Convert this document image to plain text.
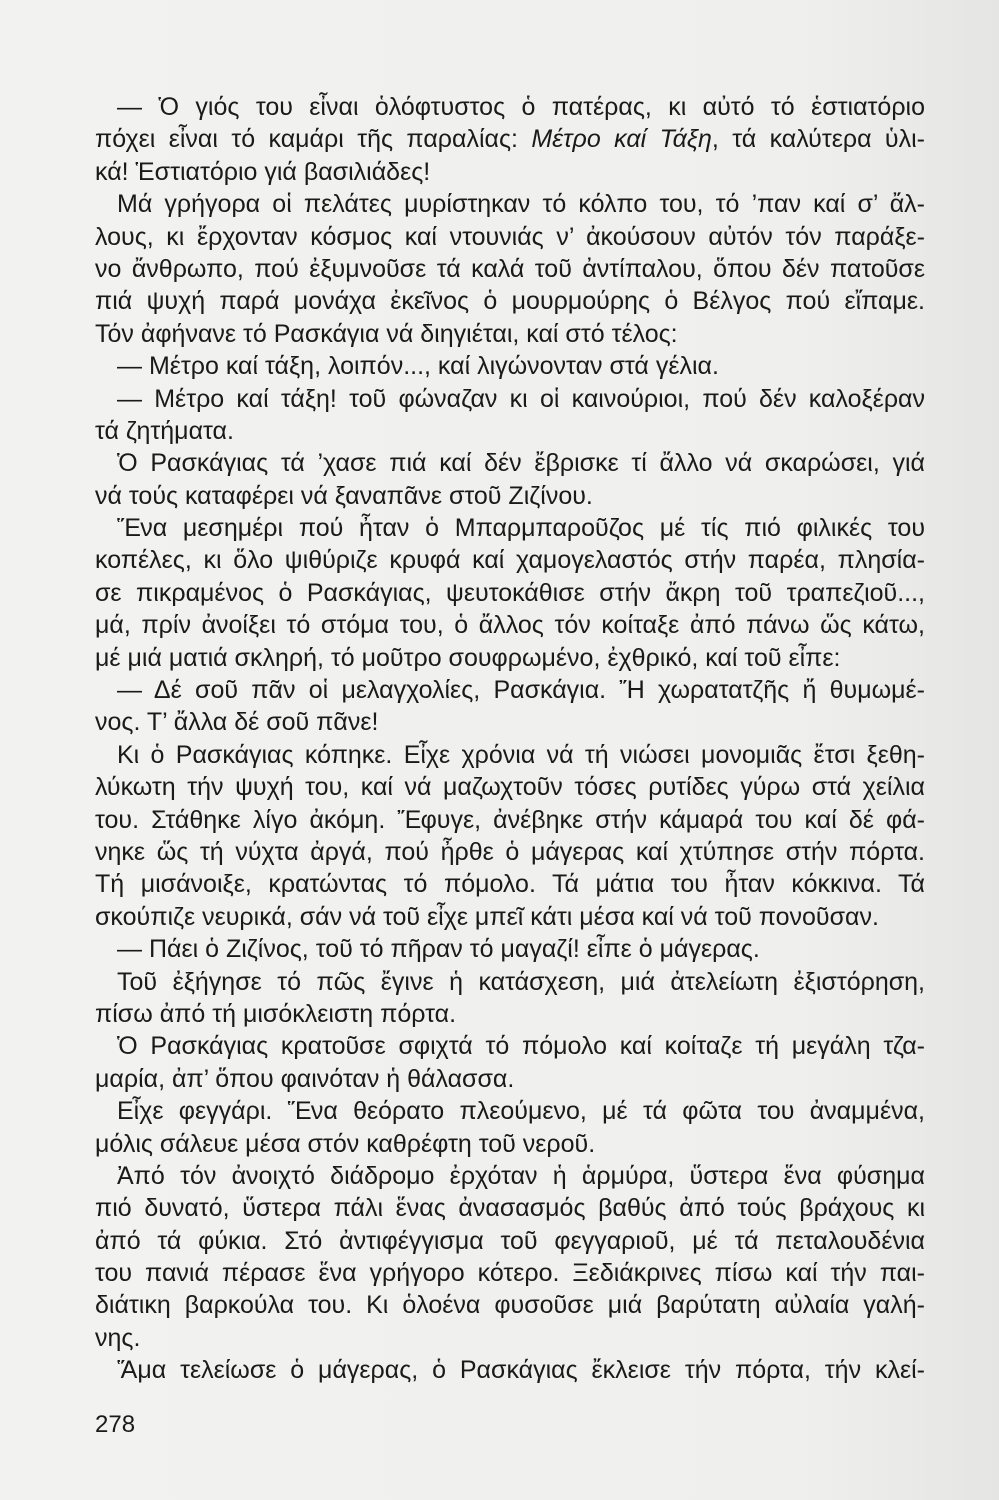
— Ὁ γιός του εἶναι ὁλόφτυστος ὁ πατέρας, κι αὐτό τό ἑστιατόριο
πόχει εἶναι τό καμάρι τῆς παραλίας: Μέτρο καί Τάξη, τά καλύτερα ὑλι-
κά! Ἑστιατόριο γιά βασιλιάδες!
Μά γρήγορα οἱ πελάτες μυρίστηκαν τό κόλπο του, τό ’παν καί σ’ ἄλ-
λους, κι ἔρχονταν κόσμος καί ντουνιάς ν’ ἀκούσουν αὐτόν τόν παράξε-
νο ἄνθρωπο, πού ἐξυμνοῦσε τά καλά τοῦ ἀντίπαλου, ὅπου δέν πατοῦσε
πιά ψυχή παρά μονάχα ἐκεῖνος ὁ μουρμούρης ὁ Βέλγος πού εἴπαμε.
Τόν ἀφήνανε τό Ρασκάγια νά διηγιέται, καί στό τέλος:
— Μέτρο καί τάξη, λοιπόν..., καί λιγώνονταν στά γέλια.
— Μέτρο καί τάξη! τοῦ φώναζαν κι οἱ καινούριοι, πού δέν καλοξέραν
τά ζητήματα.
Ὁ Ρασκάγιας τά ’χασε πιά καί δέν ἔβρισκε τί ἄλλο νά σκαρώσει, γιά
νά τούς καταφέρει νά ξαναπᾶνε στοῦ Ζιζίνου.
Ἕνα μεσημέρι πού ἦταν ὁ Μπαρμπαροῦζος μέ τίς πιό φιλικές του
κοπέλες, κι ὅλο ψιθύριζε κρυφά καί χαμογελαστός στήν παρέα, πλησία-
σε πικραμένος ὁ Ρασκάγιας, ψευτοκάθισε στήν ἄκρη τοῦ τραπεζιοῦ...,
μά, πρίν ἀνοίξει τό στόμα του, ὁ ἄλλος τόν κοίταξε ἀπό πάνω ὥς κάτω,
μέ μιά ματιά σκληρή, τό μοῦτρο σουφρωμένο, ἐχθρικό, καί τοῦ εἶπε:
— Δέ σοῦ πᾶν οἱ μελαγχολίες, Ρασκάγια. Ἤ χωρατατζῆς ἤ θυμωμέ-
νος. Τ’ ἄλλα δέ σοῦ πᾶνε!
Κι ὁ Ρασκάγιας κόπηκε. Εἶχε χρόνια νά τή νιώσει μονομιᾶς ἔτσι ξεθη-
λύκωτη τήν ψυχή του, καί νά μαζωχτοῦν τόσες ρυτίδες γύρω στά χείλια
του. Στάθηκε λίγο ἀκόμη. Ἔφυγε, ἀνέβηκε στήν κάμαρά του καί δέ φά-
νηκε ὥς τή νύχτα ἀργά, πού ἦρθε ὁ μάγερας καί χτύπησε στήν πόρτα.
Τή μισάνοιξε, κρατώντας τό πόμολο. Τά μάτια του ἦταν κόκκινα. Τά
σκούπιζε νευρικά, σάν νά τοῦ εἶχε μπεῖ κάτι μέσα καί νά τοῦ πονοῦσαν.
— Πάει ὁ Ζιζίνος, τοῦ τό πῆραν τό μαγαζί! εἶπε ὁ μάγερας.
Τοῦ ἐξήγησε τό πῶς ἔγινε ἡ κατάσχεση, μιά ἀτελείωτη ἐξιστόρηση,
πίσω ἀπό τή μισόκλειστη πόρτα.
Ὁ Ρασκάγιας κρατοῦσε σφιχτά τό πόμολο καί κοίταζε τή μεγάλη τζα-
μαρία, ἀπ’ ὅπου φαινόταν ἡ θάλασσα.
Εἶχε φεγγάρι. Ἕνα θεόρατο πλεούμενο, μέ τά φῶτα του ἀναμμένα,
μόλις σάλευε μέσα στόν καθρέφτη τοῦ νεροῦ.
Ἀπό τόν ἀνοιχτό διάδρομο ἐρχόταν ἡ ἁρμύρα, ὕστερα ἕνα φύσημα
πιό δυνατό, ὕστερα πάλι ἕνας ἀνασασμός βαθύς ἀπό τούς βράχους κι
ἀπό τά φύκια. Στό ἀντιφέγγισμα τοῦ φεγγαριοῦ, μέ τά πεταλουδένια
του πανιά πέρασε ἕνα γρήγορο κότερο. Ξεδιάκρινες πίσω καί τήν παι-
διάτικη βαρκούλα του. Κι ὁλοένα φυσοῦσε μιά βαρύτατη αὐλαία γαλή-
νης.
Ἅμα τελείωσε ὁ μάγερας, ὁ Ρασκάγιας ἔκλεισε τήν πόρτα, τήν κλεί-
278
